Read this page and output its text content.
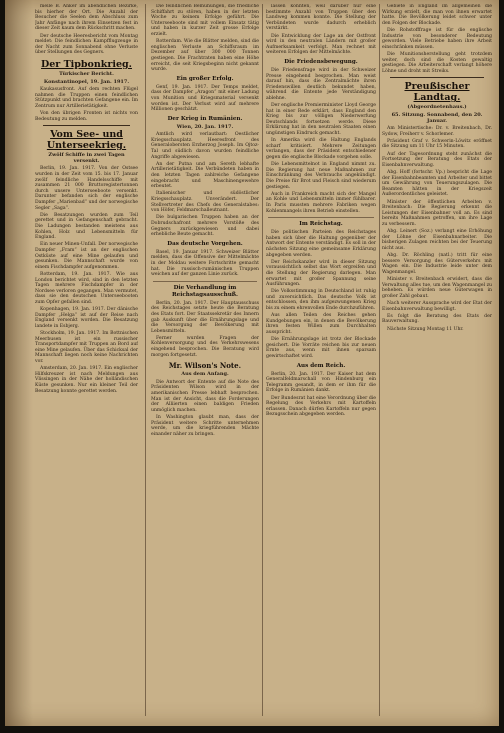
melle B. Anker im abendlichen Bezirke, bis hierher der Ort. Die Anzahl der Besucher die Seelen dem Abschluss zum Jahr Anfänge nach ihrem Einsetzen fest in dieser Zeit kaum dem Rückschritt machen.

Der deutsche Heeresbericht vom Montag meldet: Die feindlichen Kampfflugzeuge in der Nacht zum Sonnabend ohne Verluste über Stellungen des Gegners.

Der Tipbonkrieg.
Türkischer Bericht.
Konstantinopel, 19. Jan. 1917.

Kaukasusfront. Auf dem rechten Flügel nahmen die Truppen einen feindlichen Stützpunkt und brachten Gefangene ein. Im Zentrum nur Artillerietätigkeit.

Von den übrigen Fronten ist nichts von Bedeutung zu melden.

Vom See- und Unterseekrieg.
Zwölf Schiffe in zwei Tagen versenkt.

Berlin, 19. Jan. 1917. Von der Ostsee wurden in der Zeit vom 15. bis 17. Januar zwölf feindliche Handelsschiffe mit zusammen 21 000 Bruttoregistertonnen durch unsere Unterseeboote versenkt. Darunter befanden sich der englische Dampfer „Marienbad“ und der norwegische Segler „Saga“.

Die Besatzungen wurden zum Teil gerettet und in Gefangenschaft gebracht. Die Ladungen bestanden meistens aus Kohlen, Holz und Lebensmitteln für England.

Ein neuer Minen-Unfall. Der norwegische Dampfer „Fram“ ist an der englischen Ostküste auf eine Mine gelaufen und gesunken. Die Mannschaft wurde von einem Fischdampfer aufgenommen.

Rotterdam, 19. Jan. 1917. Wie aus London berichtet wird, sind in den letzten Tagen mehrere Fischdampfer in der Nordsee verloren gegangen. Man vermutet, dass sie den deutschen Unterseebooten zum Opfer gefallen sind.

Kopenhagen, 19. Jan. 1917. Der dänische Dampfer „Helga“ ist auf der Reise nach England versenkt worden. Die Besatzung landete in Esbjerg.

Stockholm, 19. Jan. 1917. Im Bottnischen Meerbusen ist ein russischer Transportdampfer mit Truppen an Bord auf eine Mine gelaufen. Über das Schicksal der Mannschaft liegen noch keine Nachrichten vor.

Amsterdam, 20. Jan. 1917. Ein englischer Hilfskreuzer ist nach Meldungen aus Vlissingen in der Nähe der holländischen Küste gesunken. Nur ein kleiner Teil der Besatzung konnte gerettet werden.

Die feindlichen Bemühungen, die friedliche Schiffahrt zu stören, haben in der letzten Woche zu keinem Erfolge geführt. Die Unterseeboote sind mit vollem Einsatz tätig und haben in kurzer Zeit grosse Erfolge erzielt.

Rotterdam. Wie die Blätter melden, sind die englischen Verluste an Schiffsraum im Dezember auf über 300 000 Tonnen gestiegen. Die Frachtraten haben eine Höhe erreicht, die seit Kriegsbeginn nicht gekannt wurde.

Ein großer Erfolg.

Genf, 19. Jan. 1917. Der Temps meldet, dass der Dampfer „Aragon“ mit einer Ladung von Munition und Kriegsmaterial versenkt worden ist. Der Verlust wird auf mehrere Millionen geschätzt.

Der Krieg in Rumänien.
Wien, 20. Jan. 1917.

Amtlich wird verlautbart: Oestlicher Kriegsschauplatz. Heeresfront des Generalobersten Erzherzog Joseph. Im Ojtoz-Tal und südlich davon wurden feindliche Angriffe abgewiesen.

An der Putna und am Sereth lebhafte Artillerietätigkeit. Die Verbündeten haben in den letzten Tagen zahlreiche Gefangene eingebracht und Maschinengewehre erbeutet.

Italienischer und südöstlicher Kriegsschauplatz. Unverändert. Der Stellvertreter des Chefs des Generalstabes: von Höfer, Feldmarschalleutnant.

Die bulgarischen Truppen haben an der Dobrudschafront mehrere Vorstöße des Gegners zurückgewiesen und dabei erhebliche Beute gemacht.

Das deutsche Vorgehen.

Basel, 19. Januar 1917. Schweizer Blätter melden, dass die Offensive der Mittelmächte in der Moldau weitere Fortschritte gemacht hat. Die russisch-rumänischen Truppen weichen auf der ganzen Linie zurück.

Die Verhandlung im Reichstagsausschuß.

Berlin, 20. Jan. 1917. Der Hauptausschuss des Reichstages setzte heute die Beratung des Etats fort. Der Staatssekretär des Innern gab Auskunft über die Ernährungslage und die Versorgung der Bevölkerung mit Lebensmitteln.

Ferner wurden Fragen der Kohlenversorgung und des Verkehrswesens eingehend besprochen. Die Beratung wird morgen fortgesetzt.

Mr. Wilson's Note.
Aus dem Anfang.

Die Antwort der Entente auf die Note des Präsidenten Wilson wird in der amerikanischen Presse lebhaft besprochen. Man ist der Ansicht, dass die Forderungen der Alliierten einen baldigen Frieden unmöglich machen.

In Washington glaubt man, dass der Präsident weitere Schritte unternehmen werde, um die kriegführenden Mächte einander näher zu bringen.

lassen könnten, weil darüber nur eine bestimmte Anzahl von Truppen über den Landweg kommen konnte. Die Stellung der Verbündeten wurde dadurch erheblich verstärkt.

Die Entwicklung der Lage an der Ostfront wird in den neutralen Ländern mit großer Aufmerksamkeit verfolgt. Man rechnet mit weiteren Erfolgen der Mittelmächte.

Die Friedensbewegung.

Die Friedensfrage wird in der Schweizer Presse eingehend besprochen. Man weist darauf hin, dass die Zentralmächte ihren Friedenswillen deutlich bekundet haben, während die Entente jede Verständigung ablehne.

Der englische Premierminister Lloyd George hat in einer Rede erklärt, dass England den Krieg bis zur völligen Niederwerfung Deutschlands fortsetzen werde. Diese Erklärung hat in den neutralen Staaten einen ungünstigen Eindruck gemacht.

In Amerika wird die Haltung Englands scharf kritisiert. Mehrere Zeitungen verlangen, dass der Präsident entschiedener gegen die englische Blockade vorgehen solle.

Die Lebensmittelnot in England nimmt zu. Die Regierung hat neue Maßnahmen zur Einschränkung des Verbrauchs angekündigt. Die Preise für Brot und Fleisch sind wiederum gestiegen.

Auch in Frankreich macht sich der Mangel an Kohle und Lebensmitteln immer fühlbarer. In Paris mussten mehrere Fabriken wegen Kohlenmangels ihren Betrieb einstellen.

Im Reichstag.

Die politischen Parteien des Reichstages haben sich über die Haltung gegenüber der Antwort der Entente verständigt. Es soll in der nächsten Sitzung eine gemeinsame Erklärung abgegeben werden.

Der Reichskanzler wird in dieser Sitzung voraussichtlich selbst das Wort ergreifen und die Stellung der Regierung darlegen. Man erwartet mit großer Spannung seine Ausführungen.

Die Volksstimmung in Deutschland ist ruhig und zuversichtlich. Das deutsche Volk ist entschlossen, den ihm aufgezwungenen Krieg bis zu einem ehrenvollen Ende durchzuführen.

Aus allen Teilen des Reiches gehen Kundgebungen ein, in denen die Bevölkerung ihren festen Willen zum Durchhalten ausspricht.

Die Ernährungslage ist trotz der Blockade gesichert. Die Vorräte reichen bis zur neuen Ernte aus, wenn mit ihnen sparsam gewirtschaftet wird.

Aus dem Reich.

Berlin, 20. Jan. 1917. Der Kaiser hat dem Generalfeldmarschall von Hindenburg ein Telegramm gesandt, in dem er ihm für die Erfolge in Rumänien dankt.

Der Bundesrat hat eine Verordnung über die Regelung des Verkehrs mit Kartoffeln erlassen. Danach dürfen Kartoffeln nur gegen Bezugsschein abgegeben werden.

Gebiete in England im allgemeinen die Wirkung erzielt, die man von ihnen erwartet hatte. Die Bevölkerung leidet schwer unter den Folgen der Blockade.

Die Rohstofffrage ist für die englische Industrie von besonderer Bedeutung geworden. Viele Betriebe haben ihre Arbeit einschränken müssen.

Die Munitionsherstellung geht trotzdem weiter, doch sind die Kosten gewaltig gestiegen. Die Arbeiterschaft verlangt höhere Löhne und droht mit Streiks.

Preußischer Landtag.
(Abgeordnetenhaus.)
65. Sitzung. Sonnabend, den 20. Januar.

Am Ministertische: Dr. v. Breitenbach, Dr. Sydow, Freiherr v. Schorlemer.

Präsident Graf v. Schwerin-Löwitz eröffnet die Sitzung um 11 Uhr 15 Minuten.

Auf der Tagesordnung steht zunächst die Fortsetzung der Beratung des Etats der Eisenbahnverwaltung.

Abg. Hoff (fortschr. Vp.) bespricht die Lage der Eisenbahnbeamten und Arbeiter und bittet um Gewährung von Teuerungszulagen. Die Beamten hätten in der Kriegszeit Außerordentliches geleistet.

Minister der öffentlichen Arbeiten v. Breitenbach: Die Regierung erkennt die Leistungen der Eisenbahner voll an. Es sind bereits Maßnahmen getroffen, um ihre Lage zu verbessern.

Abg. Leinert (Soz.) verlangt eine Erhöhung der Löhne der Eisenbahnarbeiter. Die bisherigen Zulagen reichten bei der Teuerung nicht aus.

Abg. Dr. Röchling (natl.) tritt für eine bessere Versorgung des Güterverkehrs mit Wagen ein. Die Industrie leide unter dem Wagenmangel.

Minister v. Breitenbach erwidert, dass die Verwaltung alles tue, um den Wagenmangel zu beheben. Es würden neue Güterwagen in großer Zahl gebaut.

Nach weiterer Aussprache wird der Etat der Eisenbahnverwaltung bewilligt.

Es folgt die Beratung des Etats der Bauverwaltung.

Nächste Sitzung Montag 11 Uhr.
